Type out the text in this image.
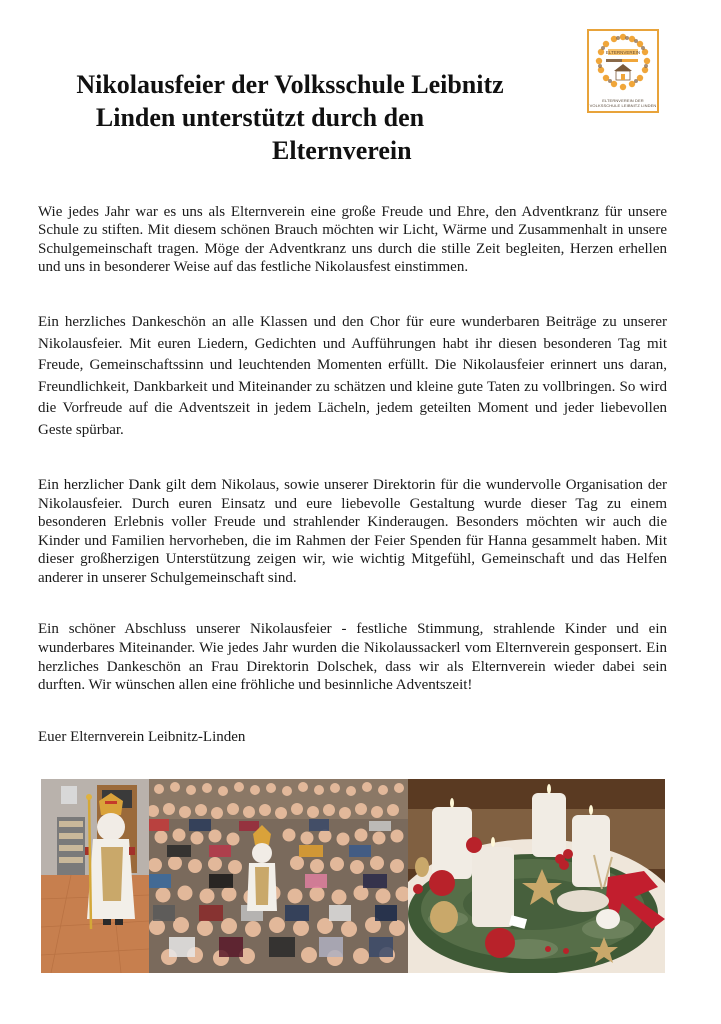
Nikolausfeier der Volksschule Leibnitz
Linden unterstützt durch den
Elternverein
ELTERNVEREIN
ELTERNVEREIN DER
VOLKSSCHULE LEIBNITZ LINDEN

Wie jedes Jahr war es uns als Elternverein eine große Freude und Ehre, den Adventkranz für unsere Schule zu stiften. Mit diesem schönen Brauch möchten wir Licht, Wärme und Zusammenhalt in unsere Schulgemeinschaft tragen. Möge der Adventkranz uns durch die stille Zeit begleiten, Herzen erhellen und uns in besonderer Weise auf das festliche Nikolausfest einstimmen.

Ein herzliches Dankeschön an alle Klassen und den Chor für eure wunderbaren Beiträge zu unserer Nikolausfeier. Mit euren Liedern, Gedichten und Aufführungen habt ihr diesen besonderen Tag mit Freude, Gemeinschaftssinn und leuchtenden Momenten erfüllt. Die Nikolausfeier erinnert uns daran, Freundlichkeit, Dankbarkeit und Miteinander zu schätzen und kleine gute Taten zu vollbringen. So wird die Vorfreude auf die Adventszeit in jedem Lächeln, jedem geteilten Moment und jeder liebevollen Geste spürbar.

Ein herzlicher Dank gilt dem Nikolaus, sowie unserer Direktorin für die wundervolle Organisation der Nikolausfeier. Durch euren Einsatz und eure liebevolle Gestaltung wurde dieser Tag zu einem besonderen Erlebnis voller Freude und strahlender Kinderaugen. Besonders möchten wir auch die Kinder und Familien hervorheben, die im Rahmen der Feier Spenden für Hanna gesammelt haben. Mit dieser großherzigen Unterstützung zeigen wir, wie wichtig Mitgefühl, Gemeinschaft und das Helfen anderer in unserer Schulgemeinschaft sind.

Ein schöner Abschluss unserer Nikolausfeier - festliche Stimmung, strahlende Kinder und ein wunderbares Miteinander. Wie jedes Jahr wurden die Nikolaussackerl vom Elternverein gesponsert. Ein herzliches Dankeschön an Frau Direktorin Dolschek, dass wir als Elternverein wieder dabei sein durften. Wir wünschen allen eine fröhliche und besinnliche Adventszeit!

Euer Elternverein Leibnitz-Linden
